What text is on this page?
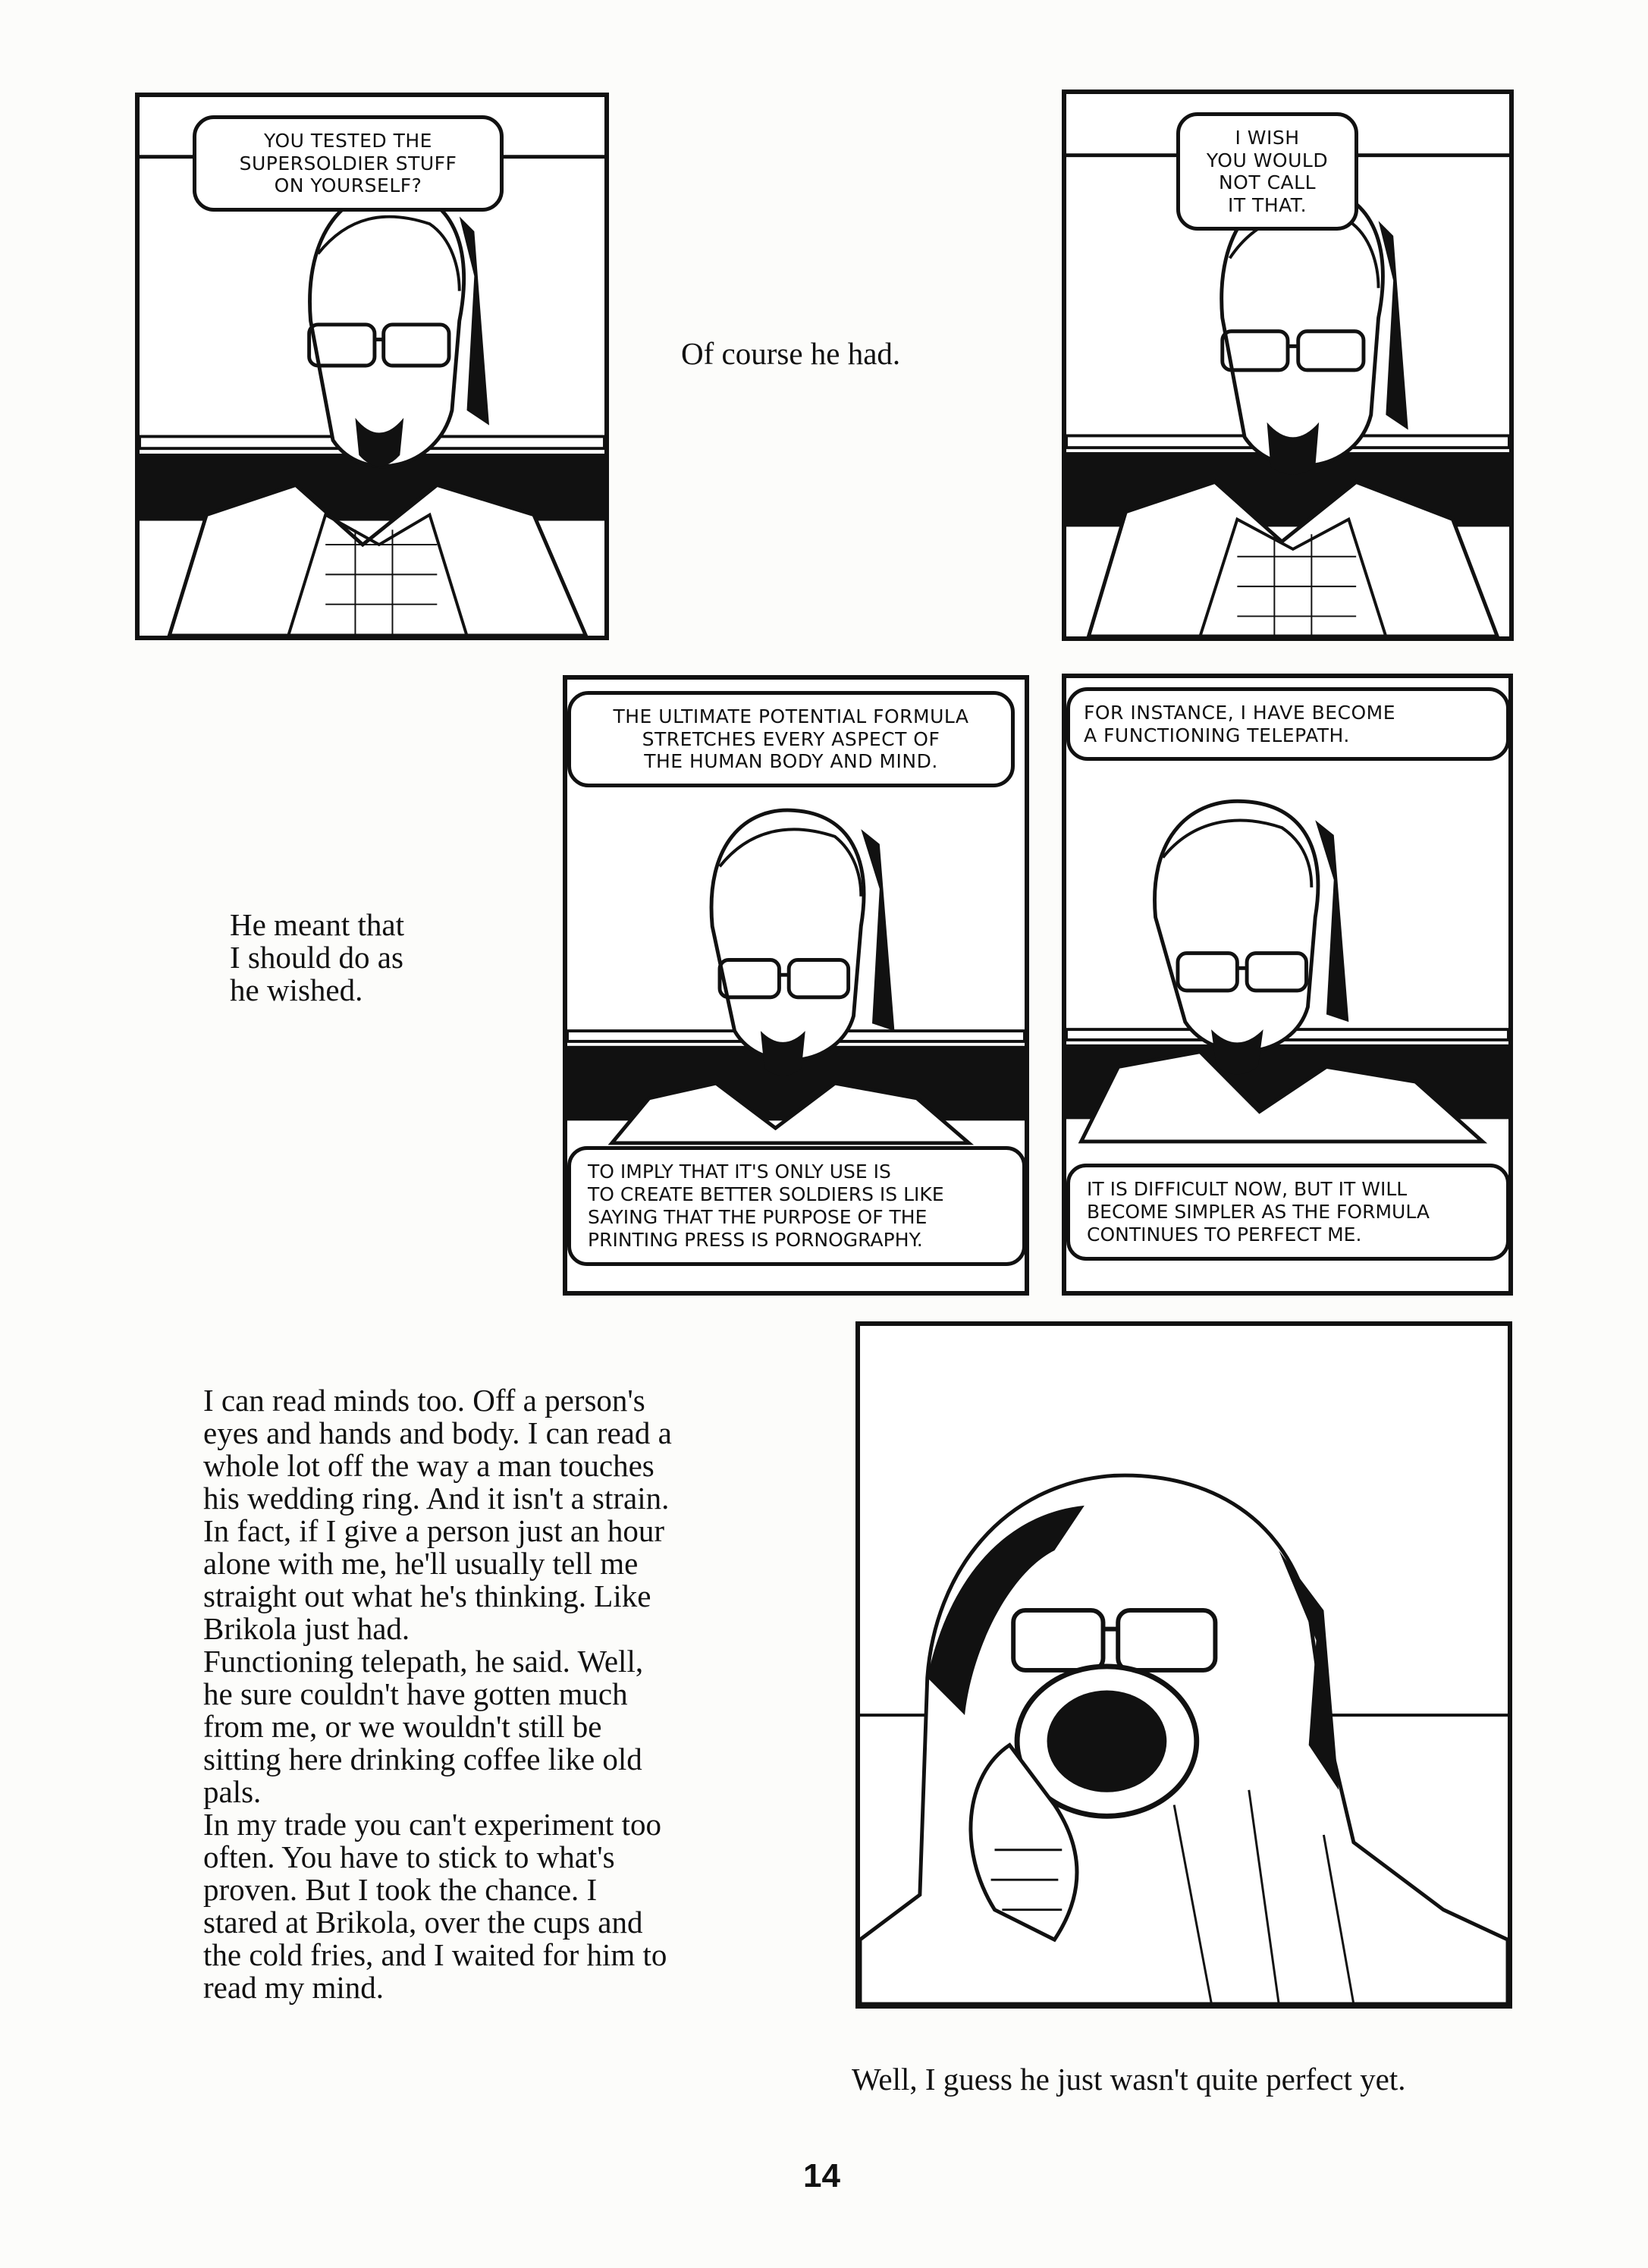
YOU TESTED THE
SUPERSOLDIER STUFF
ON YOURSELF?
I WISH
YOU WOULD
NOT CALL
IT THAT.
Of course he had.
THE ULTIMATE POTENTIAL FORMULA
STRETCHES EVERY ASPECT OF
THE HUMAN BODY AND MIND.
TO IMPLY THAT IT'S ONLY USE IS
TO CREATE BETTER SOLDIERS IS LIKE
SAYING THAT THE PURPOSE OF THE
PRINTING PRESS IS PORNOGRAPHY.
FOR INSTANCE, I HAVE BECOME
A FUNCTIONING TELEPATH.
IT IS DIFFICULT NOW, BUT IT WILL
BECOME SIMPLER AS THE FORMULA
CONTINUES TO PERFECT ME.
He meant that
I should do as
he wished.
I can read minds too. Off a person's
eyes and hands and body. I can read a
whole lot off the way a man touches
his wedding ring. And it isn't a strain.
In fact, if I give a person just an hour
alone with me, he'll usually tell me
straight out what he's thinking. Like
Brikola just had.
Functioning telepath, he said. Well,
he sure couldn't have gotten much
from me, or we wouldn't still be
sitting here drinking coffee like old
pals.
In my trade you can't experiment too
often. You have to stick to what's
proven. But I took the chance. I
stared at Brikola, over the cups and
the cold fries, and I waited for him to
read my mind.
Well, I guess he just wasn't quite perfect yet.
14
